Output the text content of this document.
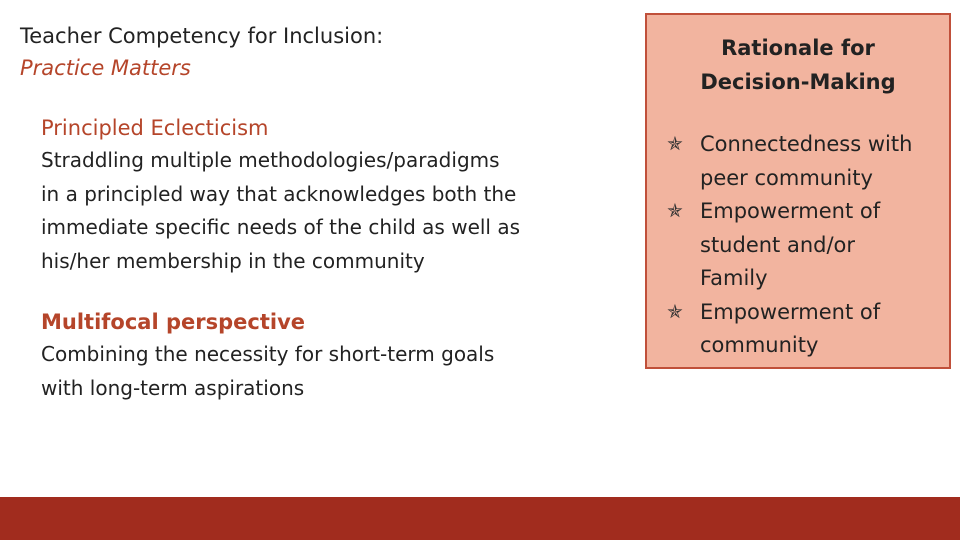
Teacher Competency for Inclusion:
Practice Matters
Principled Eclecticism
Straddling multiple methodologies/paradigms
in a principled way that acknowledges both the
immediate specific needs of the child as well as
his/her membership in the community
Multifocal perspective
Combining the necessity for short-term goals
with long-term aspirations
Rationale for
Decision-Making
✯ Connectedness with
peer community
✯ Empowerment of
student and/or
Family
✯ Empowerment of
community
